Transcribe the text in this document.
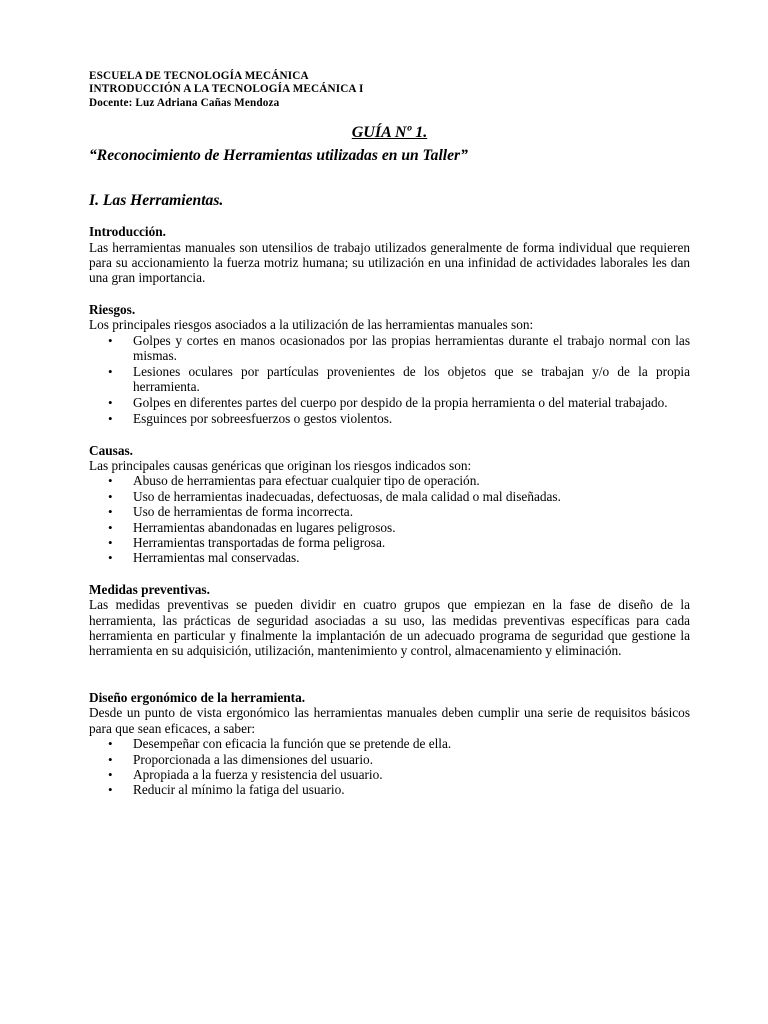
ESCUELA DE TECNOLOGÍA MECÁNICA
INTRODUCCIÓN A LA TECNOLOGÍA MECÁNICA I
Docente: Luz Adriana Cañas Mendoza
GUÍA Nº 1.
“Reconocimiento de Herramientas utilizadas en un Taller”
I. Las Herramientas.
Introducción.

Las herramientas manuales son utensilios de trabajo utilizados generalmente de forma individual que requieren para su accionamiento la fuerza motriz humana; su utilización en una infinidad de actividades laborales les dan una gran importancia.

Riesgos.

Los principales riesgos asociados a la utilización de las herramientas manuales son:

• Golpes y cortes en manos ocasionados por las propias herramientas durante el trabajo normal con las mismas.
• Lesiones oculares por partículas provenientes de los objetos que se trabajan y/o de la propia herramienta.
• Golpes en diferentes partes del cuerpo por despido de la propia herramienta o del material trabajado.
• Esguinces por sobreesfuerzos o gestos violentos.
Causas.

Las principales causas genéricas que originan los riesgos indicados son:

• Abuso de herramientas para efectuar cualquier tipo de operación.
• Uso de herramientas inadecuadas, defectuosas, de mala calidad o mal diseñadas.
• Uso de herramientas de forma incorrecta.
• Herramientas abandonadas en lugares peligrosos.
• Herramientas transportadas de forma peligrosa.
• Herramientas mal conservadas.
Medidas preventivas.

Las medidas preventivas se pueden dividir en cuatro grupos que empiezan en la fase de diseño de la herramienta, las prácticas de seguridad asociadas a su uso, las medidas preventivas específicas para cada herramienta en particular y finalmente la implantación de un adecuado programa de seguridad que gestione la herramienta en su adquisición, utilización, mantenimiento y control, almacenamiento y eliminación.

Diseño ergonómico de la herramienta.

Desde un punto de vista ergonómico las herramientas manuales deben cumplir una serie de requisitos básicos para que sean eficaces, a saber:

• Desempeñar con eficacia la función que se pretende de ella.
• Proporcionada a las dimensiones del usuario.
• Apropiada a la fuerza y resistencia del usuario.
• Reducir al mínimo la fatiga del usuario.
